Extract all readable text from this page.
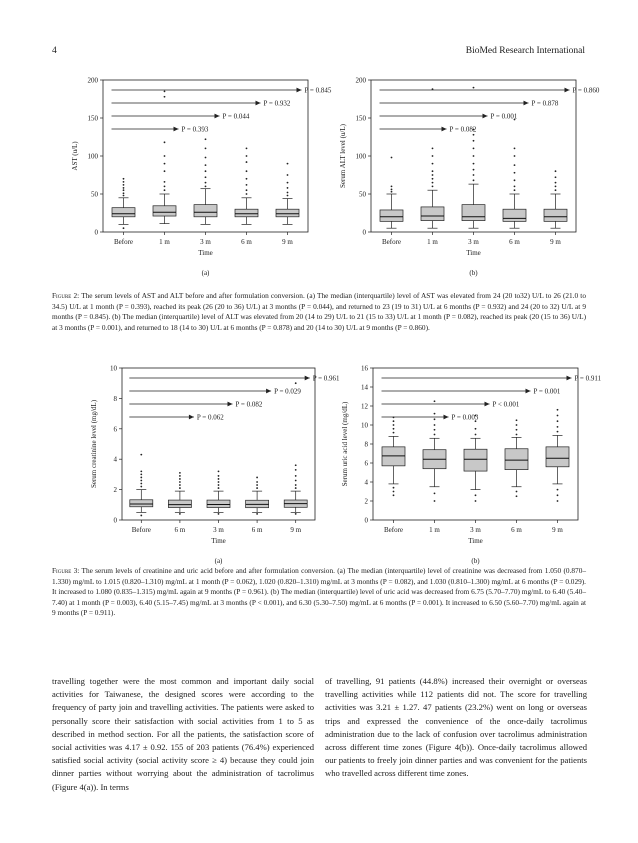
4	BioMed Research International
0
50
100
150
200
AST (u/L)
Before	1 m	3 m	6 m	9 m
Time
(a)
P = 0.845
P = 0.932
P = 0.044
P = 0.393
0
50
100
150
200
Serum ALT level (u/L)
Before	1 m	3 m	6 m	9 m
Time
(b)
P = 0.860
P = 0.878
P = 0.001
P = 0.082

Figure 2: The serum levels of AST and ALT before and after formulation conversion. (a) The median (interquartile) level of AST was elevated from 24 (20 to32) U/L to 26 (21.0 to 34.5) U/L at 1 month (P = 0.393), reached its peak (26 (20 to 36) U/L) at 3 months (P = 0.044), and returned to 23 (19 to 31) U/L at 6 months (P = 0.932) and 24 (20 to 32) U/L at 9 months (P = 0.845). (b) The median (interquartile) level of ALT was elevated from 20 (14 to 29) U/L to 21 (15 to 33) U/L at 1 month (P = 0.082), reached its peak (20 (15 to 36) U/L) at 3 months (P = 0.001), and returned to 18 (14 to 30) U/L at 6 months (P = 0.878) and 20 (14 to 30) U/L at 9 months (P = 0.860).

0
2
4
6
8
10
Serum creatinine level (mg/dL)
Before	6 m	3 m	6 m	9 m
Time
(a)
P = 0.961
P = 0.029
P = 0.082
P = 0.062
0
2
4
6
8
10
12
14
16
Serum uric acid level (mg/dL)
Before	1 m	3 m	6 m	9 m
Time
(b)
P = 0.911
P = 0.001
P < 0.001
P = 0.003

Figure 3: The serum levels of creatinine and uric acid before and after formulation conversion. (a) The median (interquartile) level of creatinine was decreased from 1.050 (0.870–1.330) mg/mL to 1.015 (0.820–1.310) mg/mL at 1 month (P = 0.062), 1.020 (0.820–1.310) mg/mL at 3 months (P = 0.082), and 1.030 (0.810–1.300) mg/mL at 6 months (P = 0.029). It increased to 1.080 (0.835–1.315) mg/mL again at 9 months (P = 0.961). (b) The median (interquartile) level of uric acid was decreased from 6.75 (5.70–7.70) mg/mL to 6.40 (5.40–7.40) at 1 month (P = 0.003), 6.40 (5.15–7.45) mg/mL at 3 months (P < 0.001), and 6.30 (5.30–7.50) mg/mL at 6 months (P = 0.001). It increased to 6.50 (5.60–7.70) mg/mL again at 9 months (P = 0.911).

travelling together were the most common and important daily social activities for Taiwanese, the designed scores were according to the frequency of party join and travelling activities. The patients were asked to personally score their satisfaction with social activities from 1 to 5 as described in method section. For all the patients, the satisfaction score of social activities was 4.17 ± 0.92. 155 of 203 patients (76.4%) experienced satisfied social activity (social activity score ≥ 4) because they could join dinner parties without worrying about the administration of tacrolimus (Figure 4(a)). In terms

of travelling, 91 patients (44.8%) increased their overnight or overseas travelling activities while 112 patients did not. The score for travelling activities was 3.21 ± 1.27. 47 patients (23.2%) went on long or overseas trips and expressed the convenience of the once-daily tacrolimus administration due to the lack of confusion over tacrolimus administration across different time zones (Figure 4(b)). Once-daily tacrolimus allowed our patients to freely join dinner parties and was convenient for the patients who travelled across different time zones.
